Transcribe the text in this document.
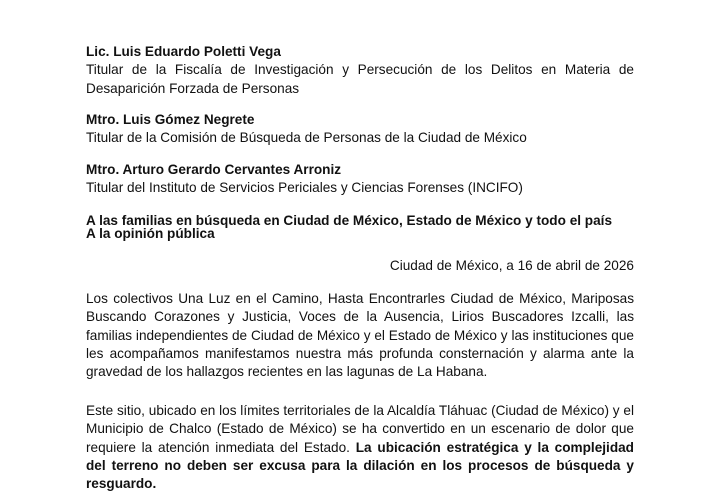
Lic. Luis Eduardo Poletti Vega
Titular de la Fiscalía de Investigación y Persecución de los Delitos en Materia de Desaparición Forzada de Personas
Mtro. Luis Gómez Negrete
Titular de la Comisión de Búsqueda de Personas de la Ciudad de México
Mtro. Arturo Gerardo Cervantes Arroniz
Titular del Instituto de Servicios Periciales y Ciencias Forenses (INCIFO)
A las familias en búsqueda en Ciudad de México, Estado de México y todo el país
A la opinión pública
Ciudad de México, a 16 de abril de 2026
Los colectivos Una Luz en el Camino, Hasta Encontrarles Ciudad de México, Mariposas Buscando Corazones y Justicia, Voces de la Ausencia, Lirios Buscadores Izcalli, las familias independientes de Ciudad de México y el Estado de México y las instituciones que les acompañamos manifestamos nuestra más profunda consternación y alarma ante la gravedad de los hallazgos recientes en las lagunas de La Habana.
Este sitio, ubicado en los límites territoriales de la Alcaldía Tláhuac (Ciudad de México) y el Municipio de Chalco (Estado de México) se ha convertido en un escenario de dolor que requiere la atención inmediata del Estado. La ubicación estratégica y la complejidad del terreno no deben ser excusa para la dilación en los procesos de búsqueda y resguardo.
